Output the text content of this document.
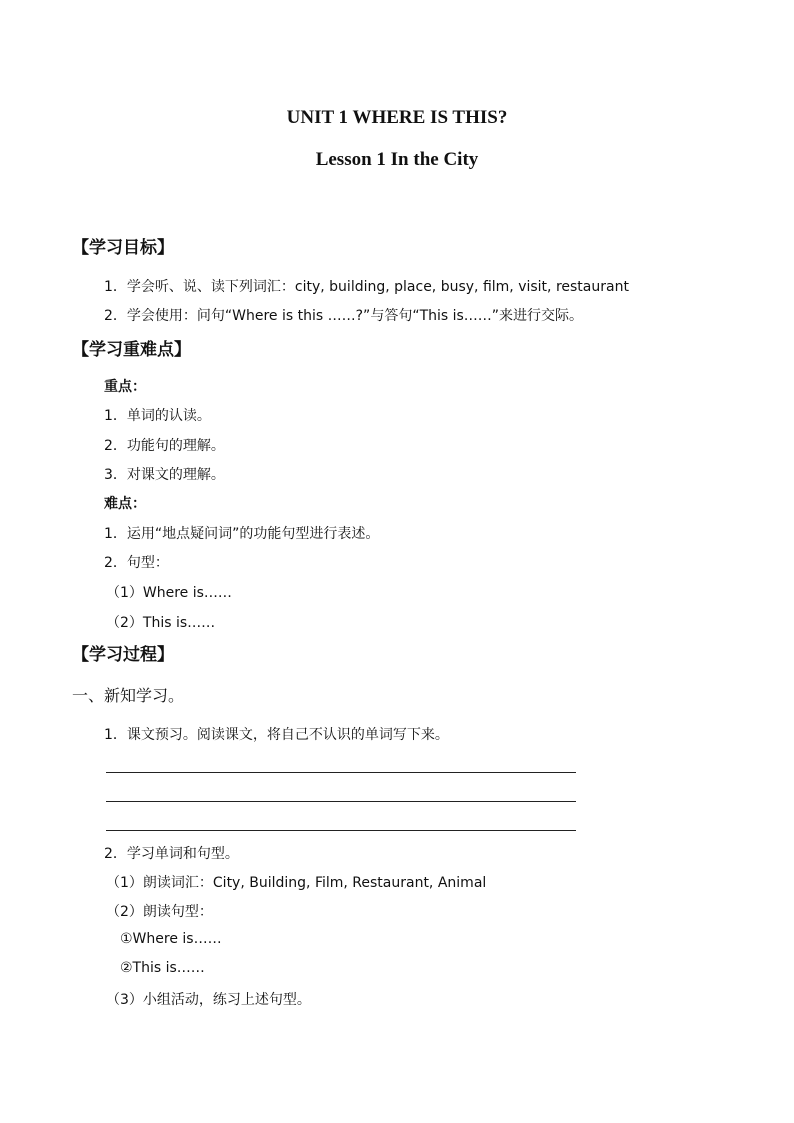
UNIT 1 WHERE IS THIS?
Lesson 1 In the City
【学习目标】
1．学会听、说、读下列词汇：city, building, place, busy, film, visit, restaurant
2．学会使用：问句“Where is this ……?”与答句“This is……”来进行交际。
【学习重难点】
重点：
1．单词的认读。
2．功能句的理解。
3．对课文的理解。
难点：
1．运用“地点疑问词”的功能句型进行表述。
2．句型：
（1）Where is……
（2）This is……
【学习过程】
一、新知学习。
1．课文预习。阅读课文，将自己不认识的单词写下来。
2．学习单词和句型。
（1）朗读词汇：City, Building, Film, Restaurant, Animal
（2）朗读句型：
①Where is……
②This is……
（3）小组活动，练习上述句型。
